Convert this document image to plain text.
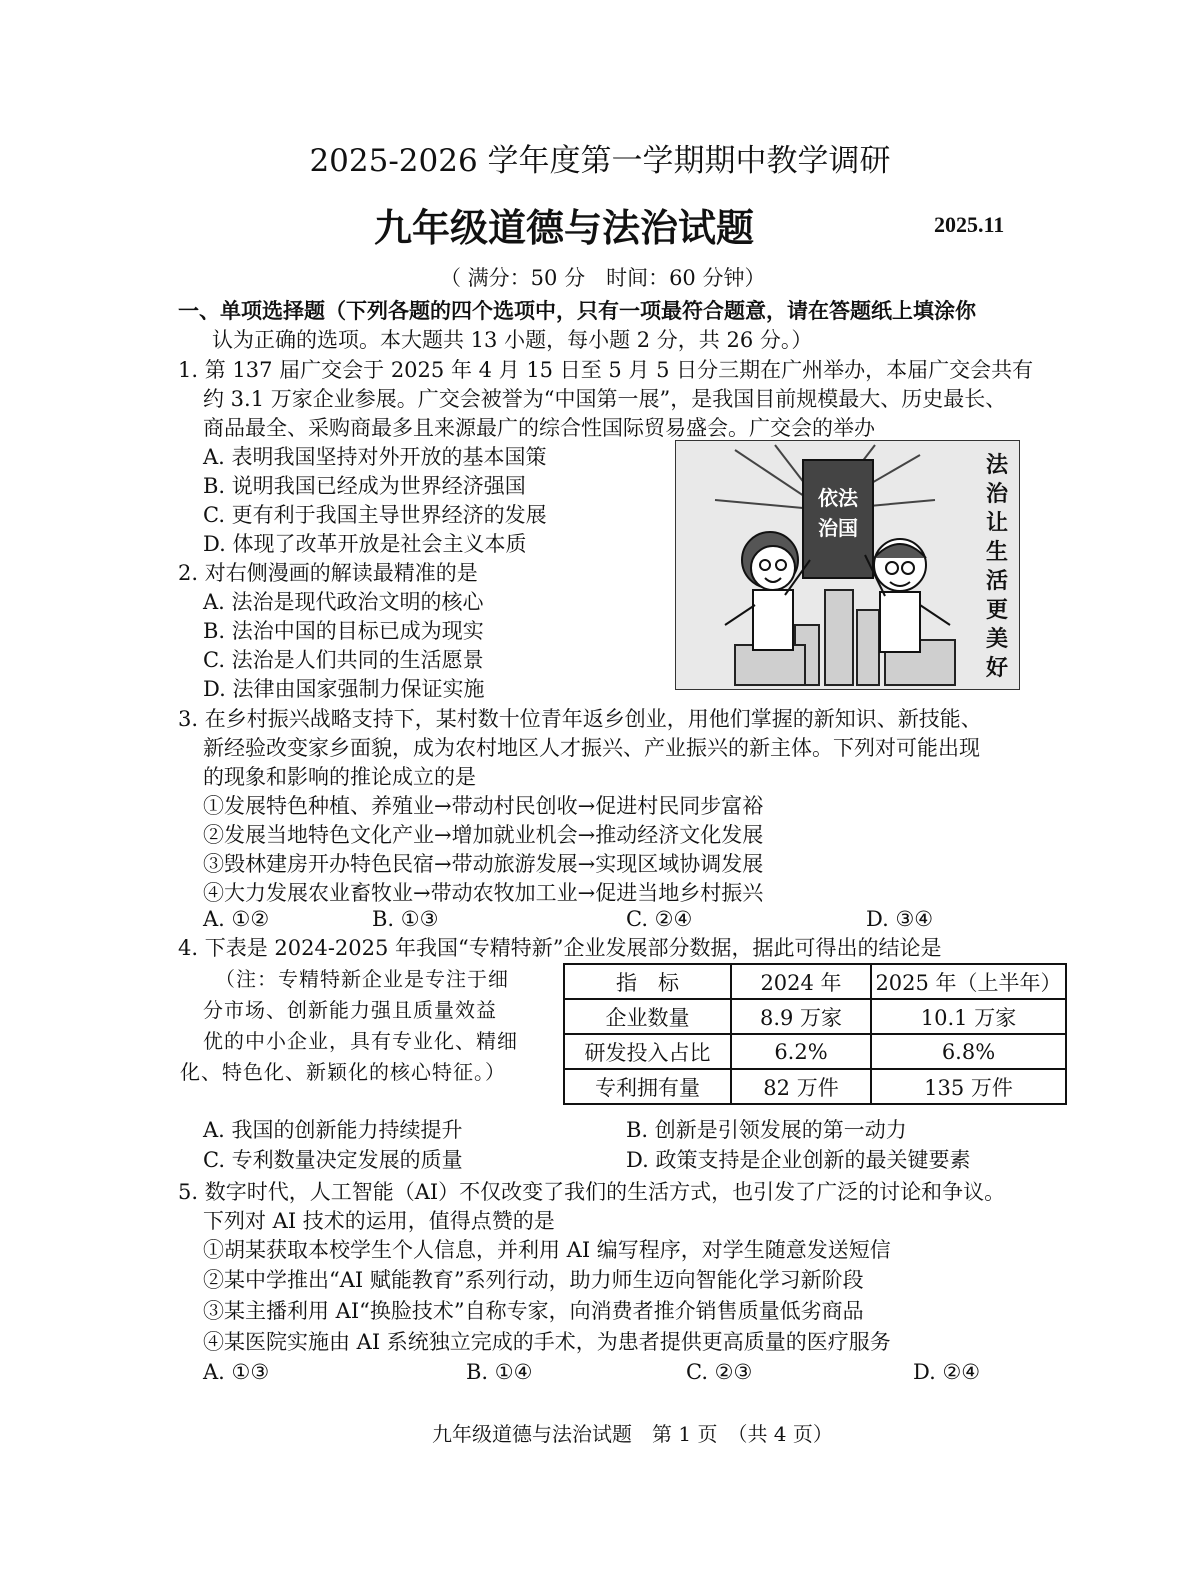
2025-2026 学年度第一学期期中教学调研
九年级道德与法治试题	2025.11
（ 满分：50 分　时间：60 分钟）
一、单项选择题（下列各题的四个选项中，只有一项最符合题意，请在答题纸上填涂你
认为正确的选项。本大题共 13 小题，每小题 2 分，共 26 分。）
1. 第 137 届广交会于 2025 年 4 月 15 日至 5 月 5 日分三期在广州举办，本届广交会共有
约 3.1 万家企业参展。广交会被誉为“中国第一展”，是我国目前规模最大、历史最长、
商品最全、采购商最多且来源最广的综合性国际贸易盛会。广交会的举办
A. 表明我国坚持对外开放的基本国策
B. 说明我国已经成为世界经济强国
C. 更有利于我国主导世界经济的发展
D. 体现了改革开放是社会主义本质
2. 对右侧漫画的解读最精准的是
A. 法治是现代政治文明的核心
B. 法治中国的目标已成为现实
C. 法治是人们共同的生活愿景
D. 法律由国家强制力保证实施
依法
治国
法
治
让
生
活
更
美
好
3. 在乡村振兴战略支持下，某村数十位青年返乡创业，用他们掌握的新知识、新技能、
新经验改变家乡面貌，成为农村地区人才振兴、产业振兴的新主体。下列对可能出现
的现象和影响的推论成立的是
①发展特色种植、养殖业→带动村民创收→促进村民同步富裕
②发展当地特色文化产业→增加就业机会→推动经济文化发展
③毁林建房开办特色民宿→带动旅游发展→实现区域协调发展
④大力发展农业畜牧业→带动农牧加工业→促进当地乡村振兴
A. ①②	B. ①③	C. ②④	D. ③④
4. 下表是 2024-2025 年我国“专精特新”企业发展部分数据，据此可得出的结论是
（注：专精特新企业是专注于细
分市场、创新能力强且质量效益
优的中小企业，具有专业化、精细
化、特色化、新颖化的核心特征。）
指　标	2024 年	2025 年（上半年）
企业数量	8.9 万家	10.1 万家
研发投入占比	6.2%	6.8%
专利拥有量	82 万件	135 万件
A. 我国的创新能力持续提升	B. 创新是引领发展的第一动力
C. 专利数量决定发展的质量	D. 政策支持是企业创新的最关键要素
5. 数字时代，人工智能（AI）不仅改变了我们的生活方式，也引发了广泛的讨论和争议。
下列对 AI 技术的运用，值得点赞的是
①胡某获取本校学生个人信息，并利用 AI 编写程序，对学生随意发送短信
②某中学推出“AI 赋能教育”系列行动，助力师生迈向智能化学习新阶段
③某主播利用 AI“换脸技术”自称专家，向消费者推介销售质量低劣商品
④某医院实施由 AI 系统独立完成的手术，为患者提供更高质量的医疗服务
A. ①③	B. ①④	C. ②③	D. ②④
九年级道德与法治试题　第 1 页　（共 4 页）
